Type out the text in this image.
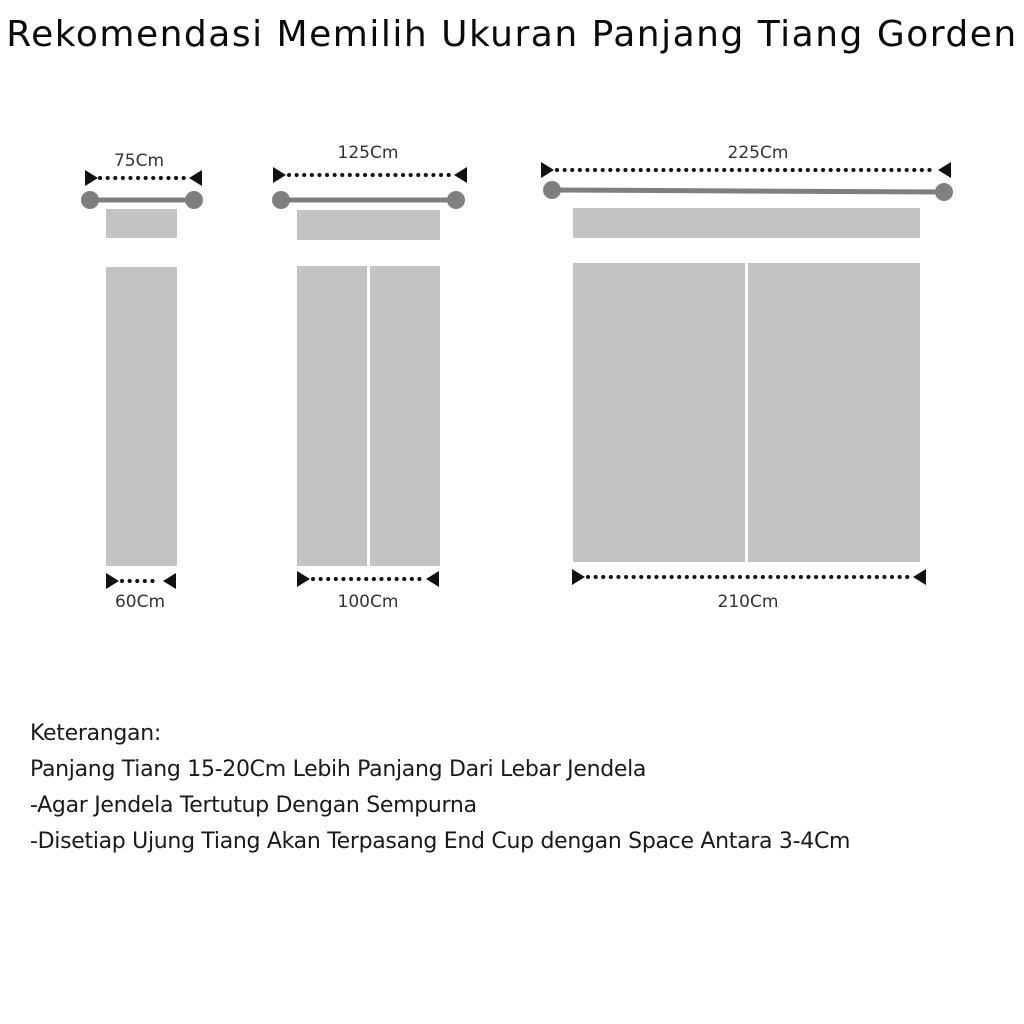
Rekomendasi Memilih Ukuran Panjang Tiang Gorden
75Cm
60Cm
125Cm
100Cm
225Cm
210Cm
Keterangan:
Panjang Tiang 15-20Cm Lebih Panjang Dari Lebar Jendela
-Agar Jendela Tertutup Dengan Sempurna
-Disetiap Ujung Tiang Akan Terpasang End Cup dengan Space Antara 3-4Cm
